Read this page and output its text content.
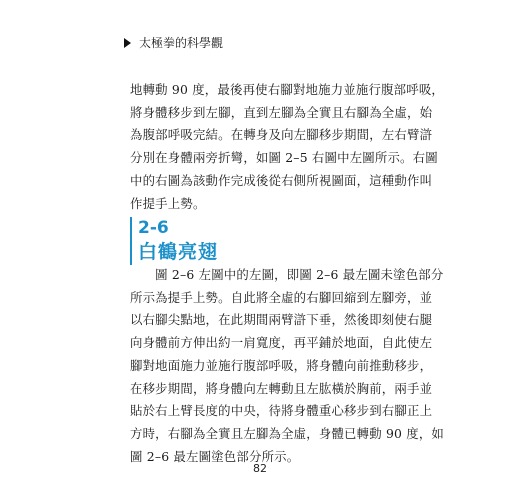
太極拳的科學觀

地轉動 90 度，最後再使右腳對地施力並施行腹部呼吸，

將身體移步到左腳，直到左腳為全實且右腳為全虛，始

為腹部呼吸完結。在轉身及向左腳移步期間，左右臂滸

分別在身體兩旁折彎，如圖 2–5 右圖中左圖所示。右圖

中的右圖為該動作完成後從右側所視圖面，這種動作叫

作提手上勢。

2-6
白鶴亮翅

　　圖 2–6 左圖中的左圖，即圖 2–6 最左圖未塗色部分

所示為提手上勢。自此將全虛的右腳回縮到左腳旁，並

以右腳尖點地，在此期間兩臂滸下垂，然後即刻使右腿

向身體前方伸出約一肩寬度，再平鋪於地面，自此使左

腳對地面施力並施行腹部呼吸，將身體向前推動移步，

在移步期間，將身體向左轉動且左肱橫於胸前，兩手並

貼於右上臂長度的中央，待將身體重心移步到右腳正上

方時，右腳為全實且左腳為全虛，身體已轉動 90 度，如

圖 2–6 最左圖塗色部分所示。

82
